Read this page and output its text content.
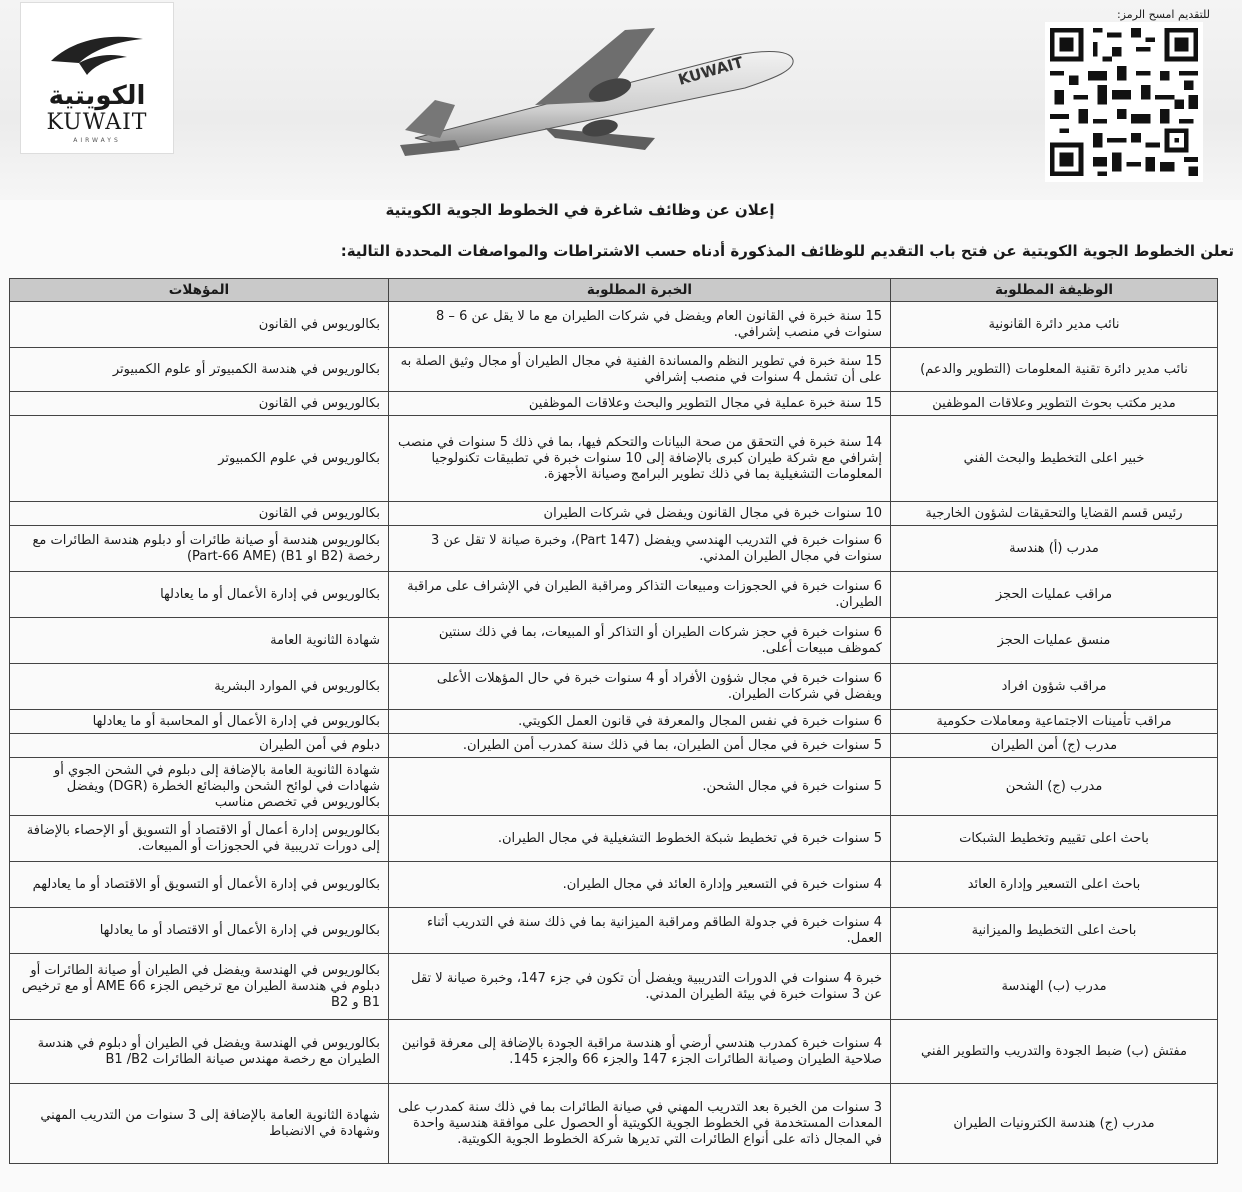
الكويتية
KUWAIT
AIRWAYS
KUWAIT
للتقديم امسح الرمز:
إعلان عن وظائف شاغرة في الخطوط الجوية الكويتية
تعلن الخطوط الجوية الكويتية عن فتح باب التقديم للوظائف المذكورة أدناه حسب الاشتراطات والمواصفات المحددة التالية:
الوظيفة المطلوبة	الخبرة المطلوبة	المؤهلات
نائب مدير دائرة القانونية	15 سنة خبرة في القانون العام ويفضل في شركات الطيران مع ما لا يقل عن 6 – 8 سنوات في منصب إشرافي.	بكالوريوس في القانون
نائب مدير دائرة تقنية المعلومات (التطوير والدعم)	15 سنة خبرة في تطوير النظم والمساندة الفنية في مجال الطيران أو مجال وثيق الصلة به على أن تشمل 4 سنوات في منصب إشرافي	بكالوريوس في هندسة الكمبيوتر أو علوم الكمبيوتر
مدير مكتب بحوث التطوير وعلاقات الموظفين	15 سنة خبرة عملية في مجال التطوير والبحث وعلاقات الموظفين	بكالوريوس في القانون
خبير اعلى التخطيط والبحث الفني	14 سنة خبرة في التحقق من صحة البيانات والتحكم فيها، بما في ذلك 5 سنوات في منصب إشرافي مع شركة طيران كبرى بالإضافة إلى 10 سنوات خبرة في تطبيقات تكنولوجيا المعلومات التشغيلية بما في ذلك تطوير البرامج وصيانة الأجهزة.	بكالوريوس في علوم الكمبيوتر
رئيس قسم القضايا والتحقيقات لشؤون الخارجية	10 سنوات خبرة في مجال القانون ويفضل في شركات الطيران	بكالوريوس في القانون
مدرب (أ) هندسة	6 سنوات خبرة في التدريب الهندسي ويفضل (Part 147)، وخبرة صيانة لا تقل عن 3 سنوات في مجال الطيران المدني.	بكالوريوس هندسة أو صيانة طائرات أو دبلوم هندسة الطائرات مع رخصة (B2 او B1) (Part-66 AME)
مراقب عمليات الحجز	6 سنوات خبرة في الحجوزات ومبيعات التذاكر ومراقبة الطيران في الإشراف على مراقبة الطيران.	بكالوريوس في إدارة الأعمال أو ما يعادلها
منسق عمليات الحجز	6 سنوات خبرة في حجز شركات الطيران أو التذاكر أو المبيعات، بما في ذلك سنتين كموظف مبيعات أعلى.	شهادة الثانوية العامة
مراقب شؤون افراد	6 سنوات خبرة في مجال شؤون الأفراد أو 4 سنوات خبرة في حال المؤهلات الأعلى ويفضل في شركات الطيران.	بكالوريوس في الموارد البشرية
مراقب تأمينات الاجتماعية ومعاملات حكومية	6 سنوات خبرة في نفس المجال والمعرفة في قانون العمل الكويتي.	بكالوريوس في إدارة الأعمال أو المحاسبة أو ما يعادلها
مدرب (ج) أمن الطيران	5 سنوات خبرة في مجال أمن الطيران، بما في ذلك سنة كمدرب أمن الطيران.	دبلوم في أمن الطيران
مدرب (ج) الشحن	5 سنوات خبرة في مجال الشحن.	شهادة الثانوية العامة بالإضافة إلى دبلوم في الشحن الجوي أو شهادات في لوائح الشحن والبضائع الخطرة (DGR) ويفضل بكالوريوس في تخصص مناسب
باحث اعلى تقييم وتخطيط الشبكات	5 سنوات خبرة في تخطيط شبكة الخطوط التشغيلية في مجال الطيران.	بكالوريوس إدارة أعمال أو الاقتصاد أو التسويق أو الإحصاء بالإضافة إلى دورات تدريبية في الحجوزات أو المبيعات.
باحث اعلى التسعير وإدارة العائد	4 سنوات خبرة في التسعير وإدارة العائد في مجال الطيران.	بكالوريوس في إدارة الأعمال أو التسويق أو الاقتصاد أو ما يعادلهم
باحث اعلى التخطيط والميزانية	4 سنوات خبرة في جدولة الطاقم ومراقبة الميزانية بما في ذلك سنة في التدريب أثناء العمل.	بكالوريوس في إدارة الأعمال أو الاقتصاد أو ما يعادلها
مدرب (ب) الهندسة	خبرة 4 سنوات في الدورات التدريبية ويفضل أن تكون في جزء 147، وخبرة صيانة لا تقل عن 3 سنوات خبرة في بيئة الطيران المدني.	بكالوريوس في الهندسة ويفضل في الطيران أو صيانة الطائرات أو دبلوم في هندسة الطيران مع ترخيص الجزء 66 AME أو مع ترخيص B1 و B2
مفتش (ب) ضبط الجودة والتدريب والتطوير الفني	4 سنوات خبرة كمدرب هندسي أرضي أو هندسة مراقبة الجودة بالإضافة إلى معرفة قوانين صلاحية الطيران وصيانة الطائرات الجزء 147 والجزء 66 والجزء 145.	بكالوريوس في الهندسة ويفضل في الطيران أو دبلوم في هندسة الطيران مع رخصة مهندس صيانة الطائرات B1 /B2
مدرب (ج) هندسة الكترونيات الطيران	3 سنوات من الخبرة بعد التدريب المهني في صيانة الطائرات بما في ذلك سنة كمدرب على المعدات المستخدمة في الخطوط الجوية الكويتية أو الحصول على موافقة هندسية واحدة في المجال ذاته على أنواع الطائرات التي تديرها شركة الخطوط الجوية الكويتية.	شهادة الثانوية العامة بالإضافة إلى 3 سنوات من التدريب المهني وشهادة في الانضباط
